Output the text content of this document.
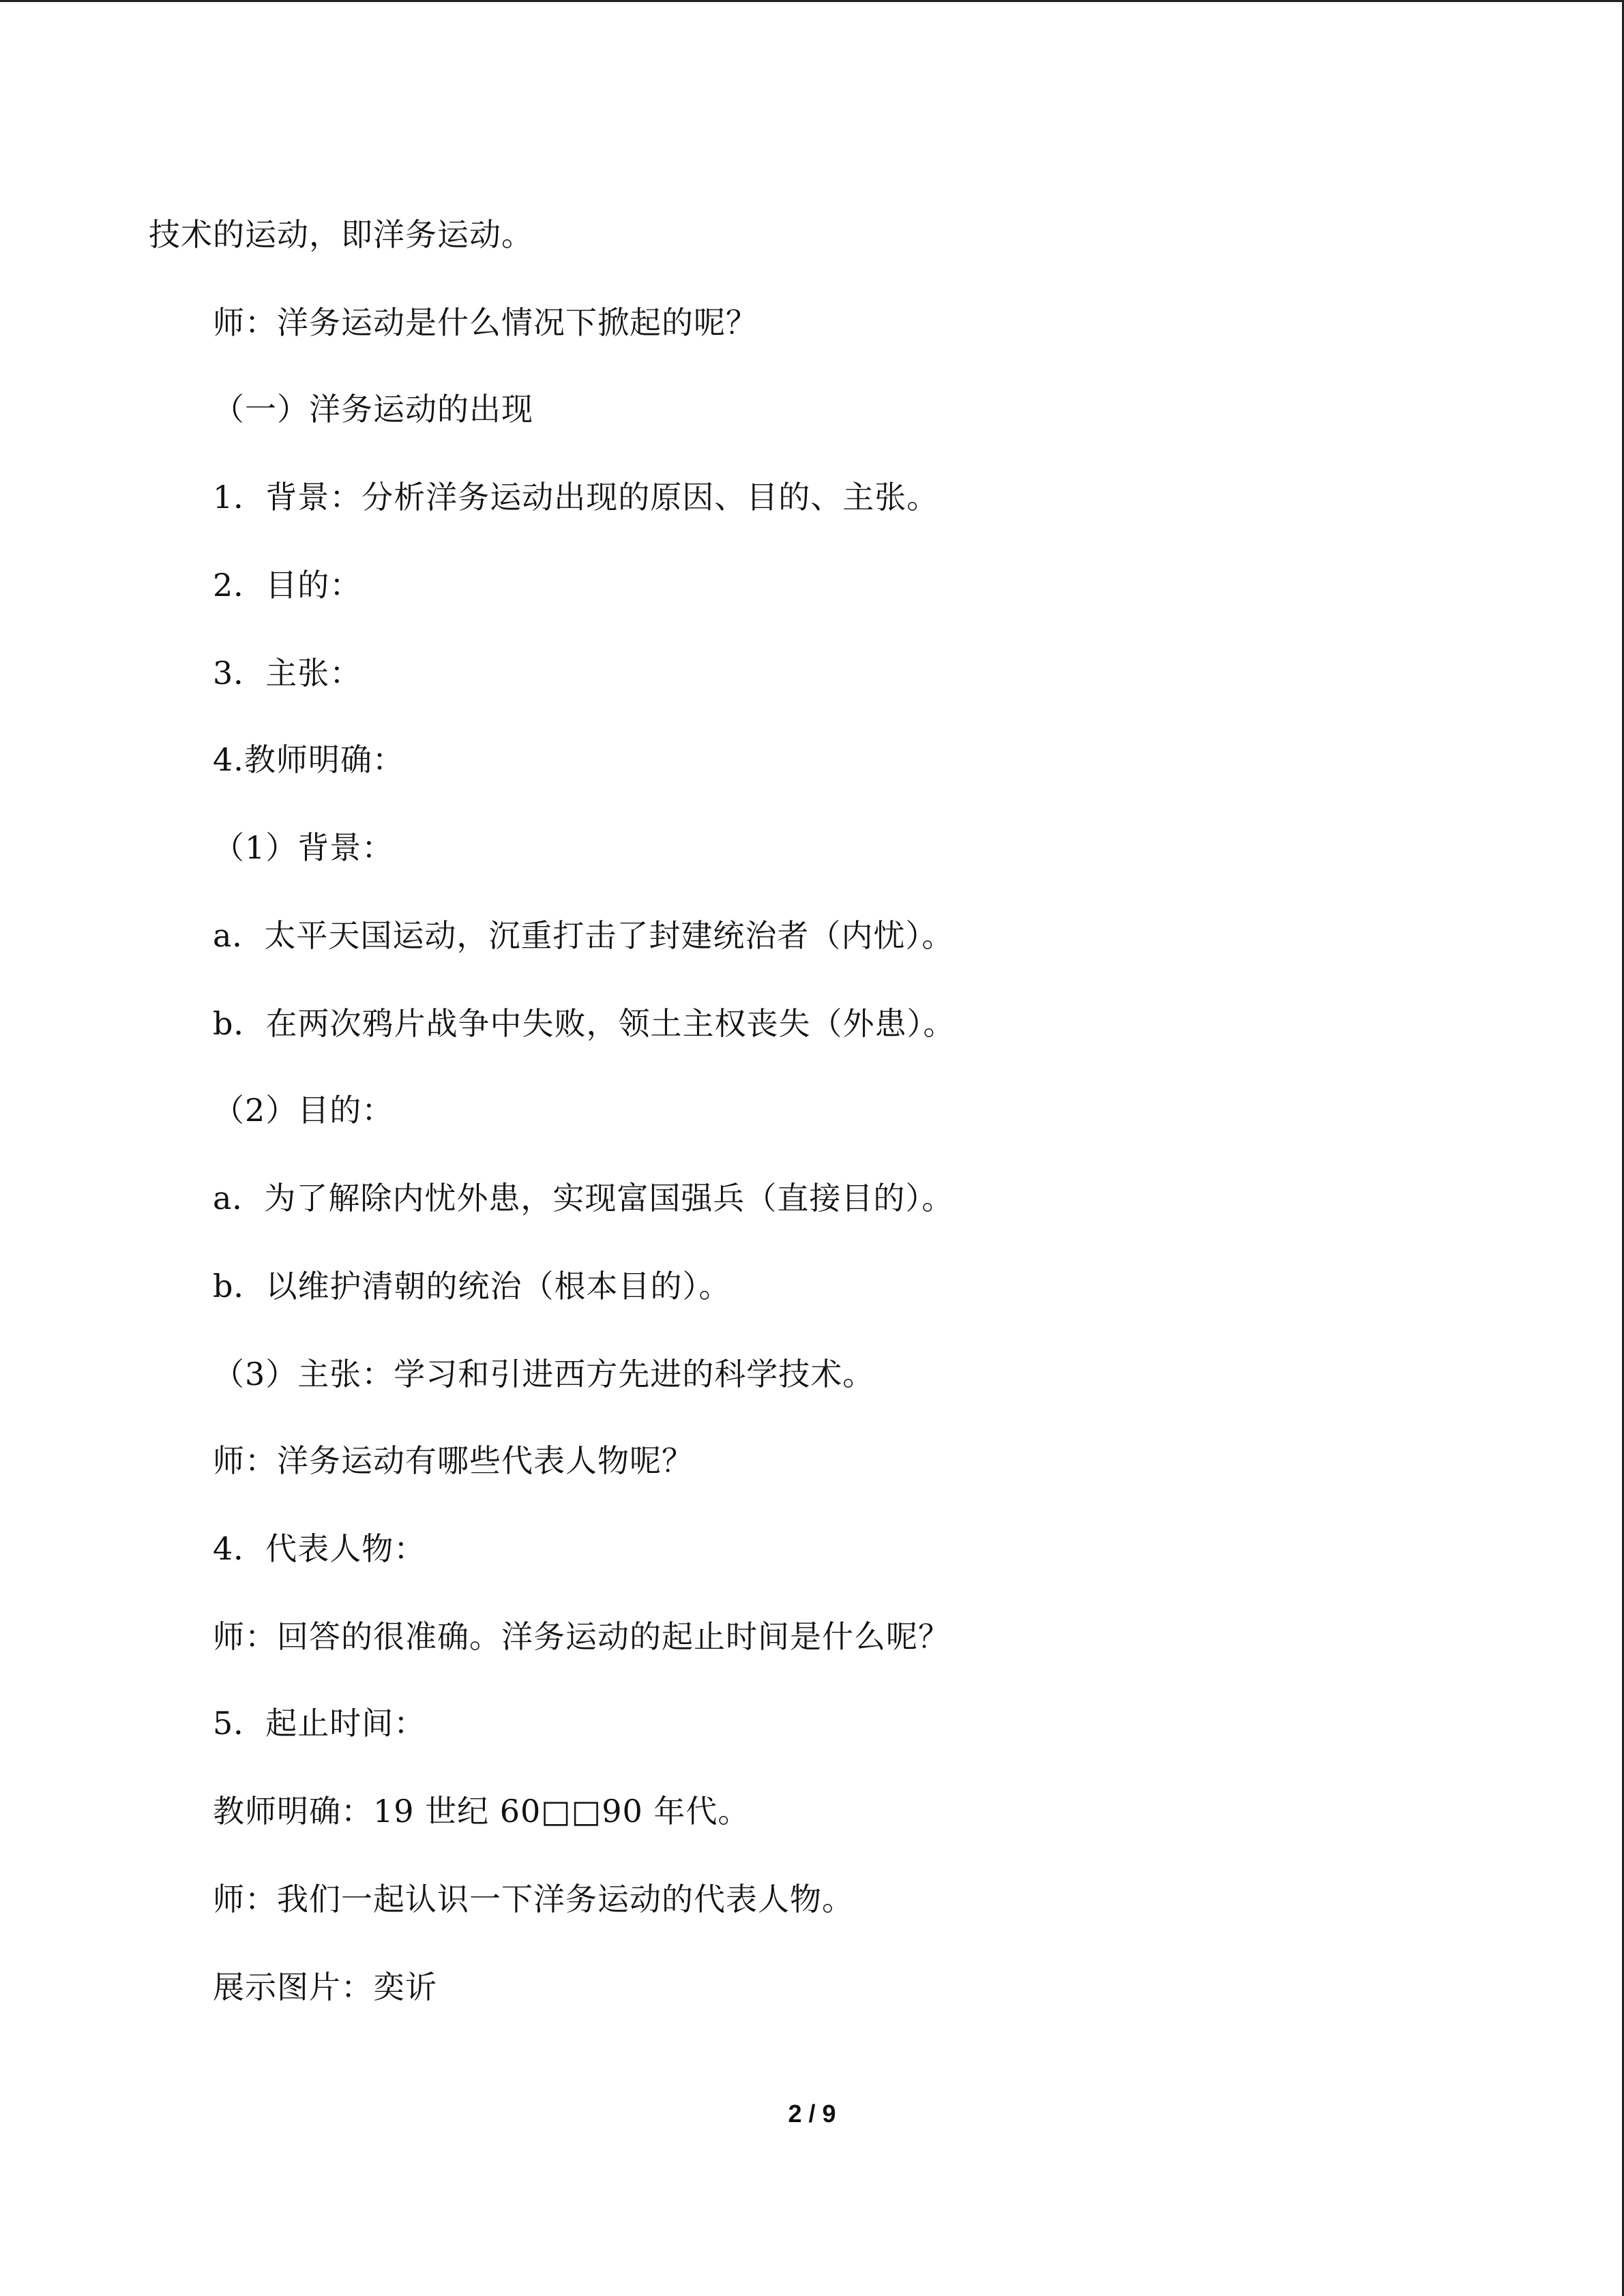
技术的运动，即洋务运动。
师：洋务运动是什么情况下掀起的呢？
（一）洋务运动的出现
1．背景：分析洋务运动出现的原因、目的、主张。
2．目的：
3．主张：
4.教师明确：
（1）背景：
a．太平天国运动，沉重打击了封建统治者（内忧）。
b．在两次鸦片战争中失败，领土主权丧失（外患）。
（2）目的：
a．为了解除内忧外患，实现富国强兵（直接目的）。
b．以维护清朝的统治（根本目的）。
（3）主张：学习和引进西方先进的科学技术。
师：洋务运动有哪些代表人物呢？
4．代表人物：
师：回答的很准确。洋务运动的起止时间是什么呢？
5．起止时间：
教师明确：19 世纪 60□□90 年代。
师：我们一起认识一下洋务运动的代表人物。
展示图片：奕䜣
2 / 9
